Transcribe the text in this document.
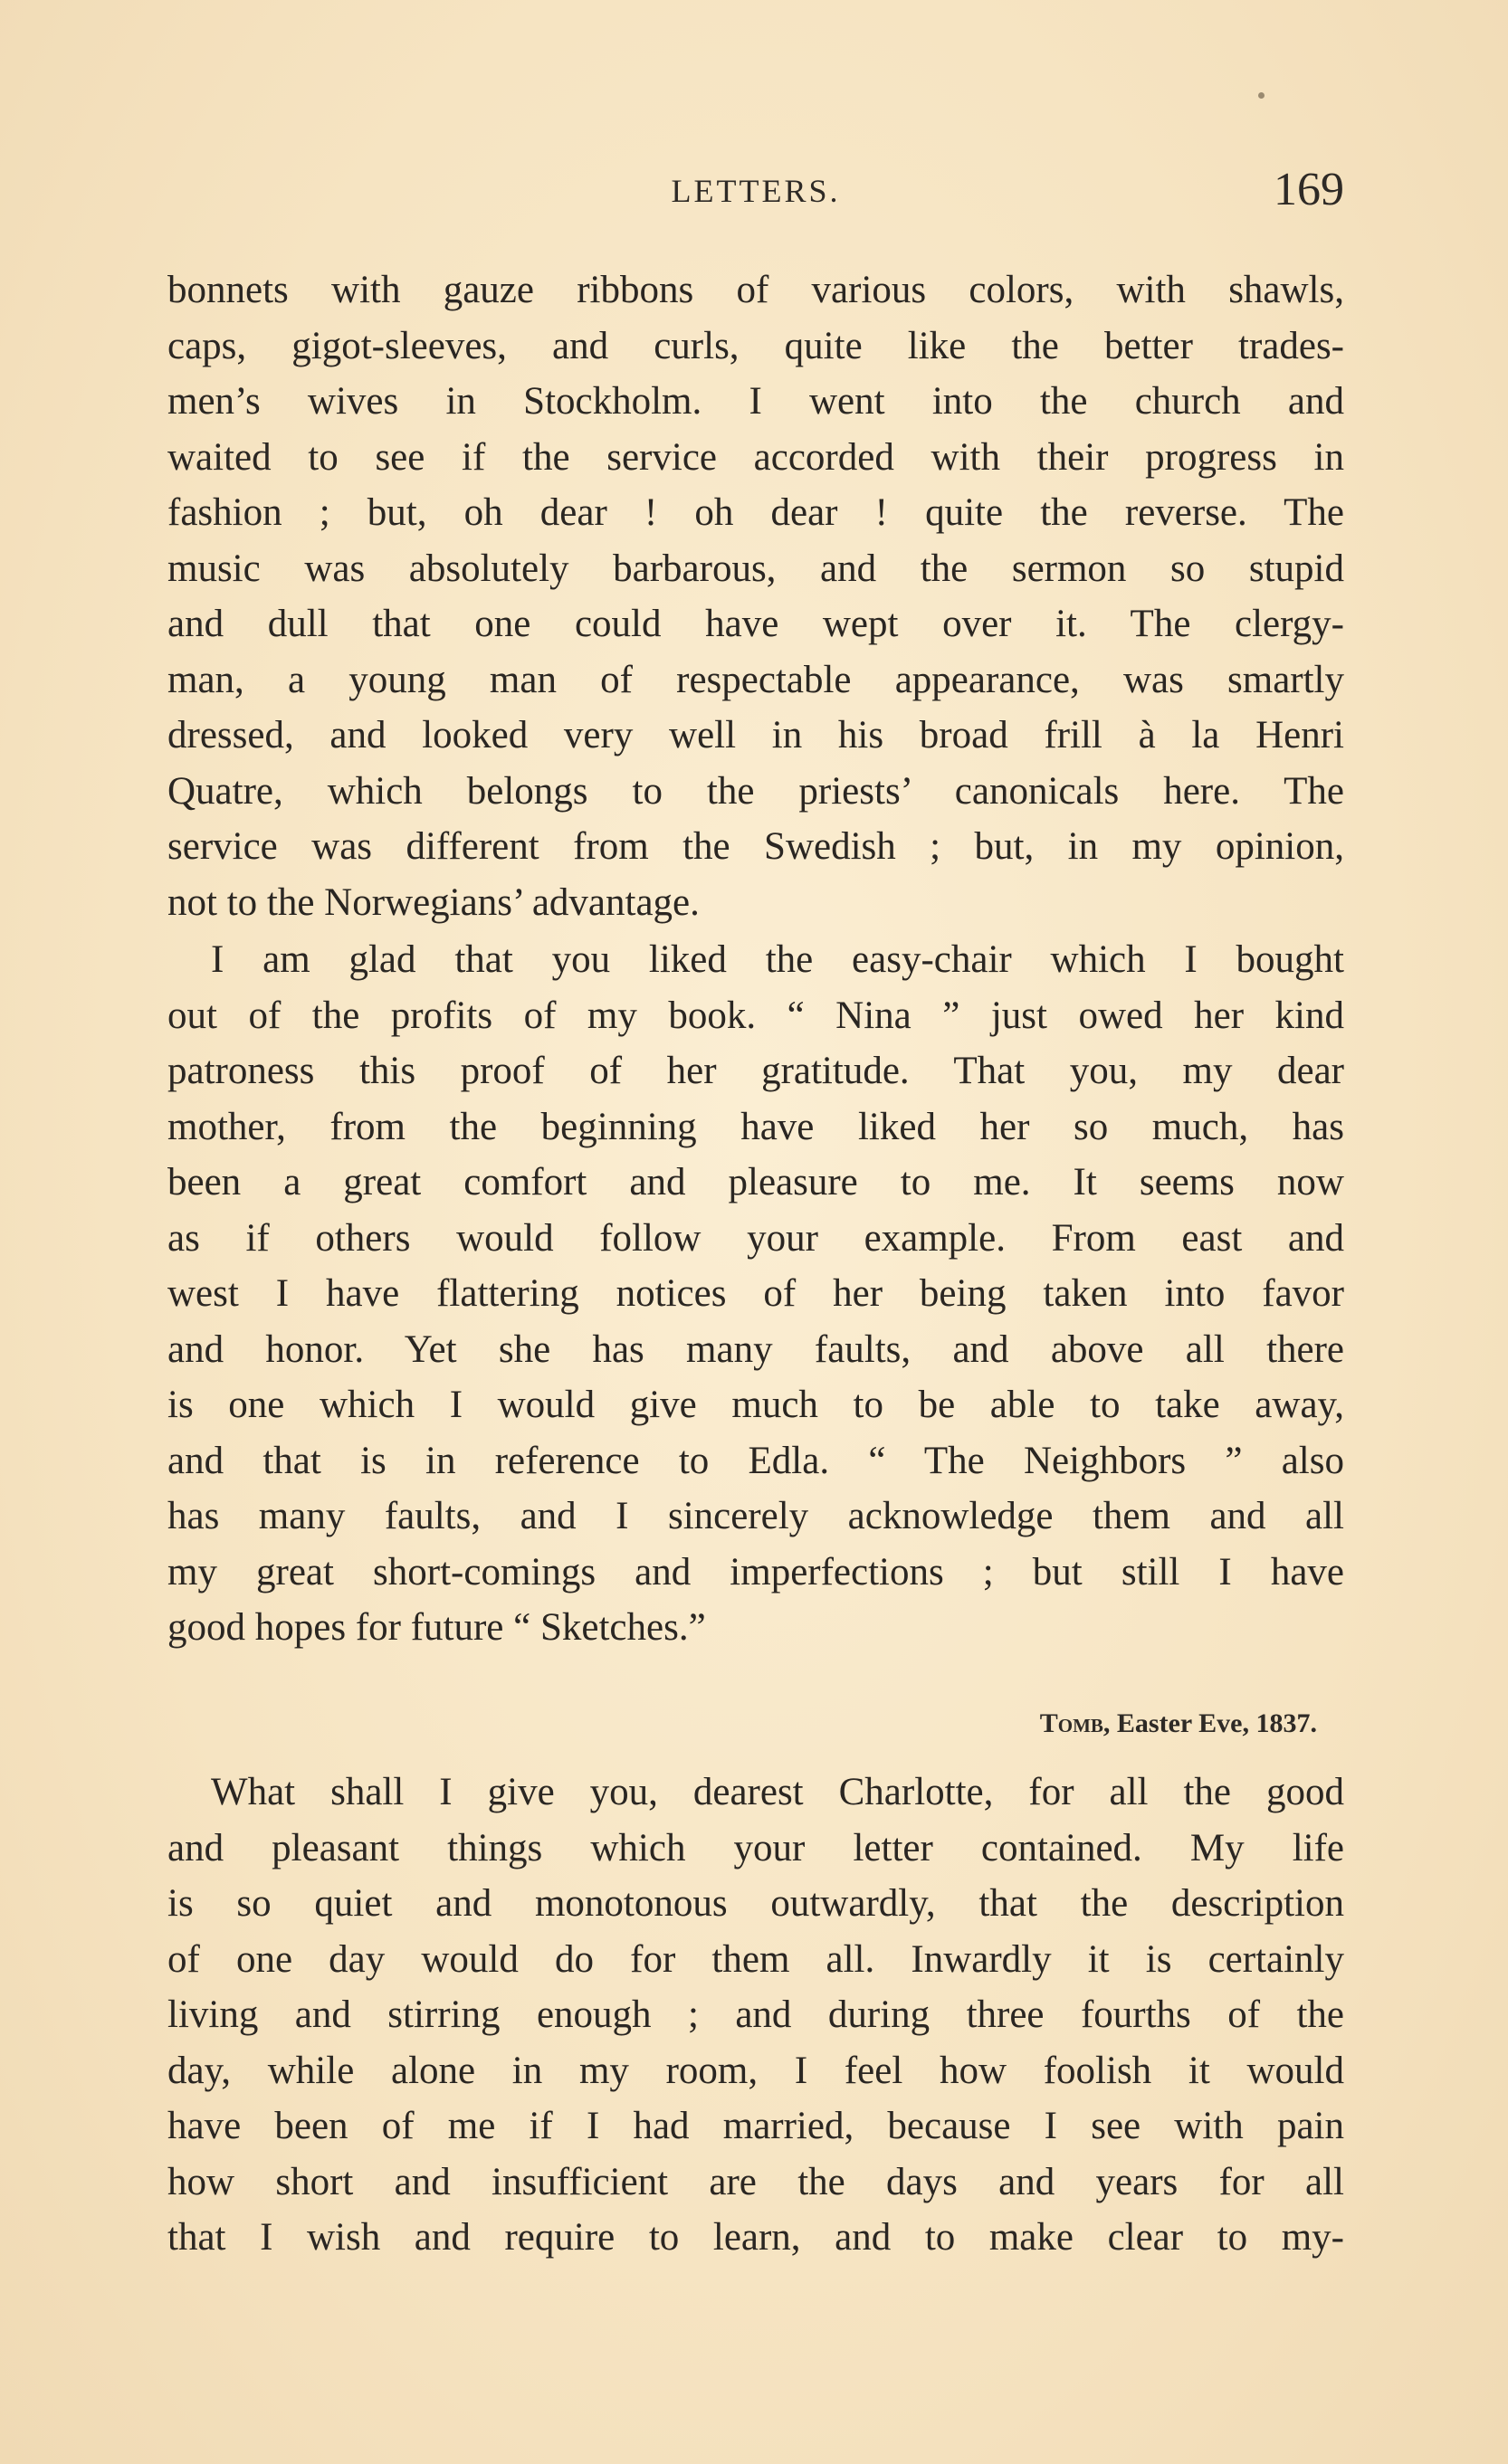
LETTERS.	169
bonnets with gauze ribbons of various colors, with shawls,
caps, gigot-sleeves, and curls, quite like the better trades-
men’s wives in Stockholm. I went into the church and
waited to see if the service accorded with their progress in
fashion ; but, oh dear ! oh dear ! quite the reverse. The
music was absolutely barbarous, and the sermon so stupid
and dull that one could have wept over it. The clergy-
man, a young man of respectable appearance, was smartly
dressed, and looked very well in his broad frill à la Henri
Quatre, which belongs to the priests’ canonicals here. The
service was different from the Swedish ; but, in my opinion,
not to the Norwegians’ advantage.
I am glad that you liked the easy-chair which I bought
out of the profits of my book. “ Nina ” just owed her kind
patroness this proof of her gratitude. That you, my dear
mother, from the beginning have liked her so much, has
been a great comfort and pleasure to me. It seems now
as if others would follow your example. From east and
west I have flattering notices of her being taken into favor
and honor. Yet she has many faults, and above all there
is one which I would give much to be able to take away,
and that is in reference to Edla. “ The Neighbors ” also
has many faults, and I sincerely acknowledge them and all
my great short-comings and imperfections ; but still I have
good hopes for future “ Sketches.”
Tomb, Easter Eve, 1837.
What shall I give you, dearest Charlotte, for all the good
and pleasant things which your letter contained. My life
is so quiet and monotonous outwardly, that the description
of one day would do for them all. Inwardly it is certainly
living and stirring enough ; and during three fourths of the
day, while alone in my room, I feel how foolish it would
have been of me if I had married, because I see with pain
how short and insufficient are the days and years for all
that I wish and require to learn, and to make clear to my-
